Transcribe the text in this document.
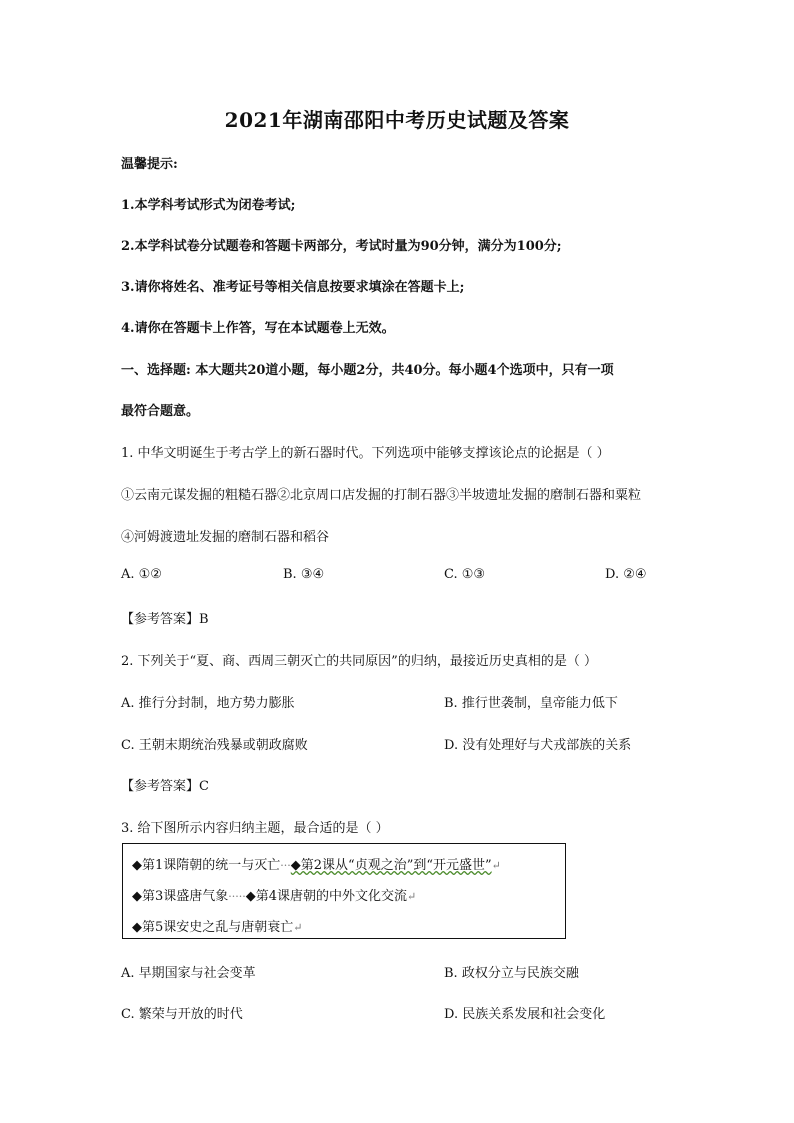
2021年湖南邵阳中考历史试题及答案
温馨提示:
1.本学科考试形式为闭卷考试;
2.本学科试卷分试题卷和答题卡两部分，考试时量为90分钟，满分为100分;
3.请你将姓名、准考证号等相关信息按要求填涂在答题卡上;
4.请你在答题卡上作答，写在本试题卷上无效。
一、选择题: 本大题共20道小题，每小题2分，共40分。每小题4个选项中，只有一项
最符合题意。
1. 中华文明诞生于考古学上的新石器时代。下列选项中能够支撑该论点的论据是（ ）
①云南元谋发掘的粗糙石器②北京周口店发掘的打制石器③半坡遗址发掘的磨制石器和粟粒
④河姆渡遗址发掘的磨制石器和稻谷
A. ①②	B. ③④	C. ①③	D. ②④
【参考答案】B
2. 下列关于“夏、商、西周三朝灭亡的共同原因”的归纳，最接近历史真相的是（ ）
A. 推行分封制，地方势力膨胀	B. 推行世袭制，皇帝能力低下
C. 王朝末期统治残暴或朝政腐败	D. 没有处理好与犬戎部族的关系
【参考答案】C
3. 给下图所示内容归纳主题，最合适的是（ ）
◆第1课隋朝的统一与灭亡···◆第2课从“贞观之治”到“开元盛世”↵
◆第3课盛唐气象·····◆第4课唐朝的中外文化交流↵
◆第5课安史之乱与唐朝衰亡↵
A. 早期国家与社会变革	B. 政权分立与民族交融
C. 繁荣与开放的时代	D. 民族关系发展和社会变化
